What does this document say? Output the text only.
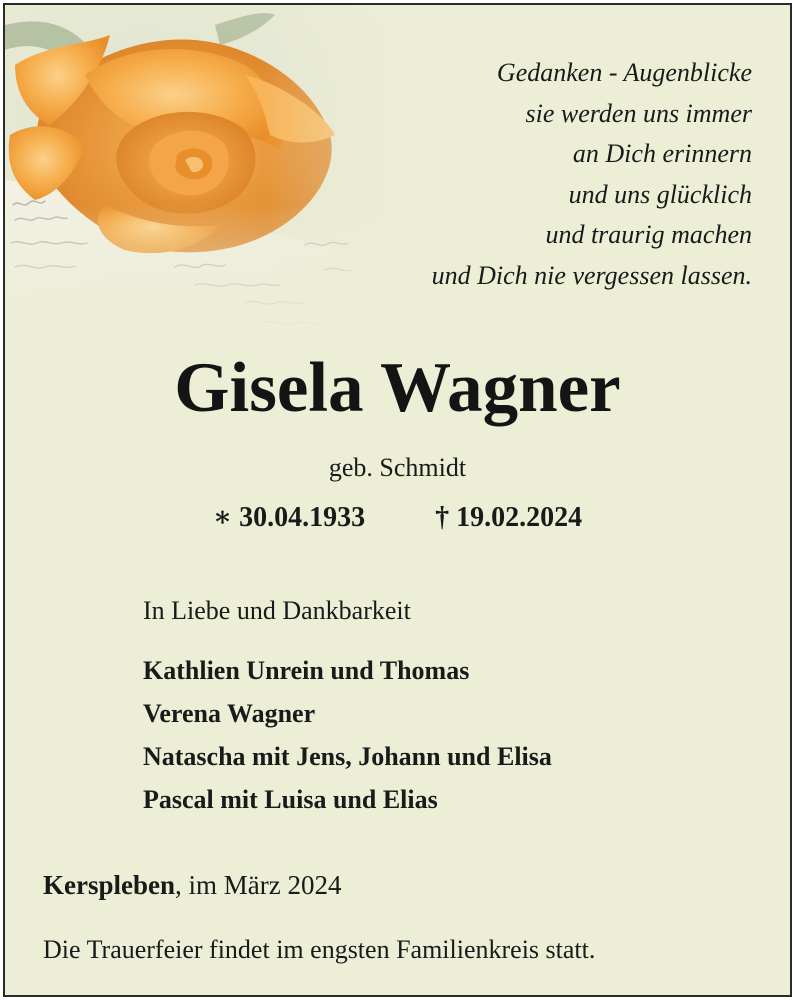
Gedanken - Augenblicke
sie werden uns immer
an Dich erinnern
und uns glücklich
und traurig machen
und Dich nie vergessen lassen.
Gisela Wagner
geb. Schmidt
∗ 30.04.1933	† 19.02.2024
In Liebe und Dankbarkeit
Kathlien Unrein und Thomas
Verena Wagner
Natascha mit Jens, Johann und Elisa
Pascal mit Luisa und Elias
Kerspleben, im März 2024
Die Trauerfeier findet im engsten Familienkreis statt.
